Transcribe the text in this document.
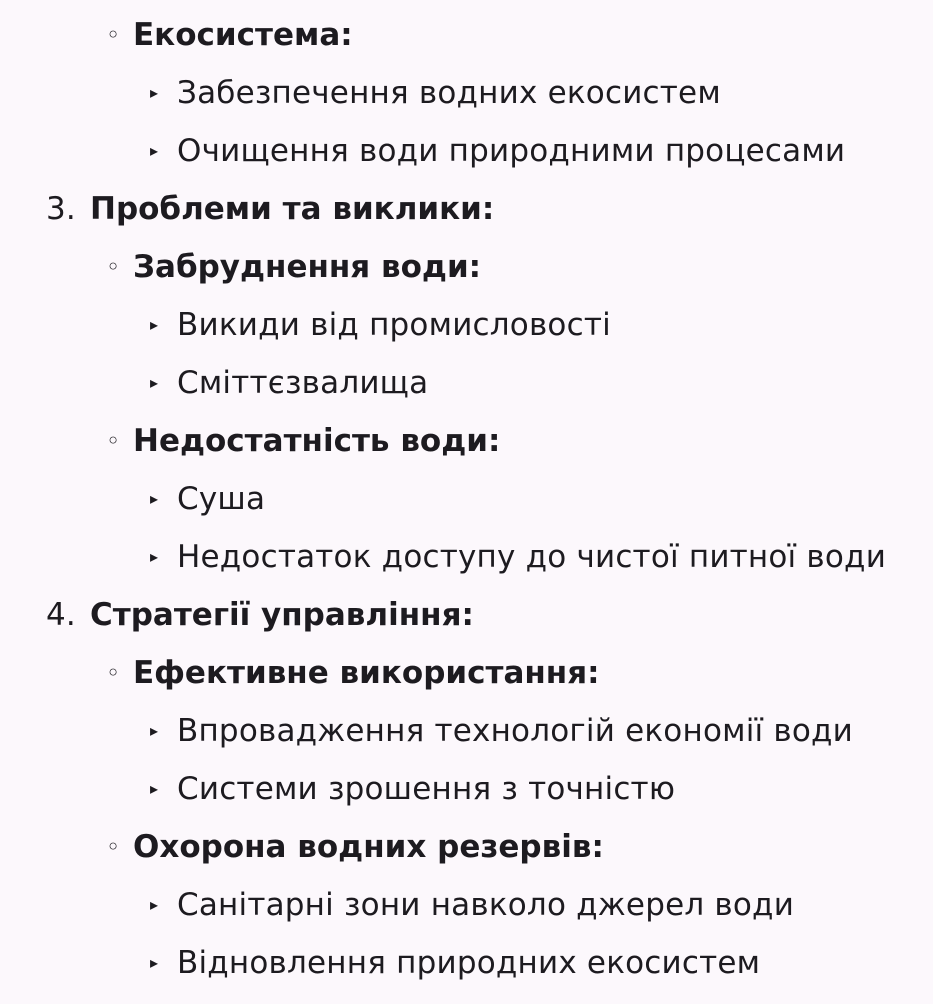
◦ Екосистема:
▸ Забезпечення водних екосистем
▸ Очищення води природними процесами
3. Проблеми та виклики:
◦ Забруднення води:
▸ Викиди від промисловості
▸ Сміттєзвалища
◦ Недостатність води:
▸ Суша
▸ Недостаток доступу до чистої питної води
4. Стратегії управління:
◦ Ефективне використання:
▸ Впровадження технологій економії води
▸ Системи зрошення з точністю
◦ Охорона водних резервів:
▸ Санітарні зони навколо джерел води
▸ Відновлення природних екосистем
